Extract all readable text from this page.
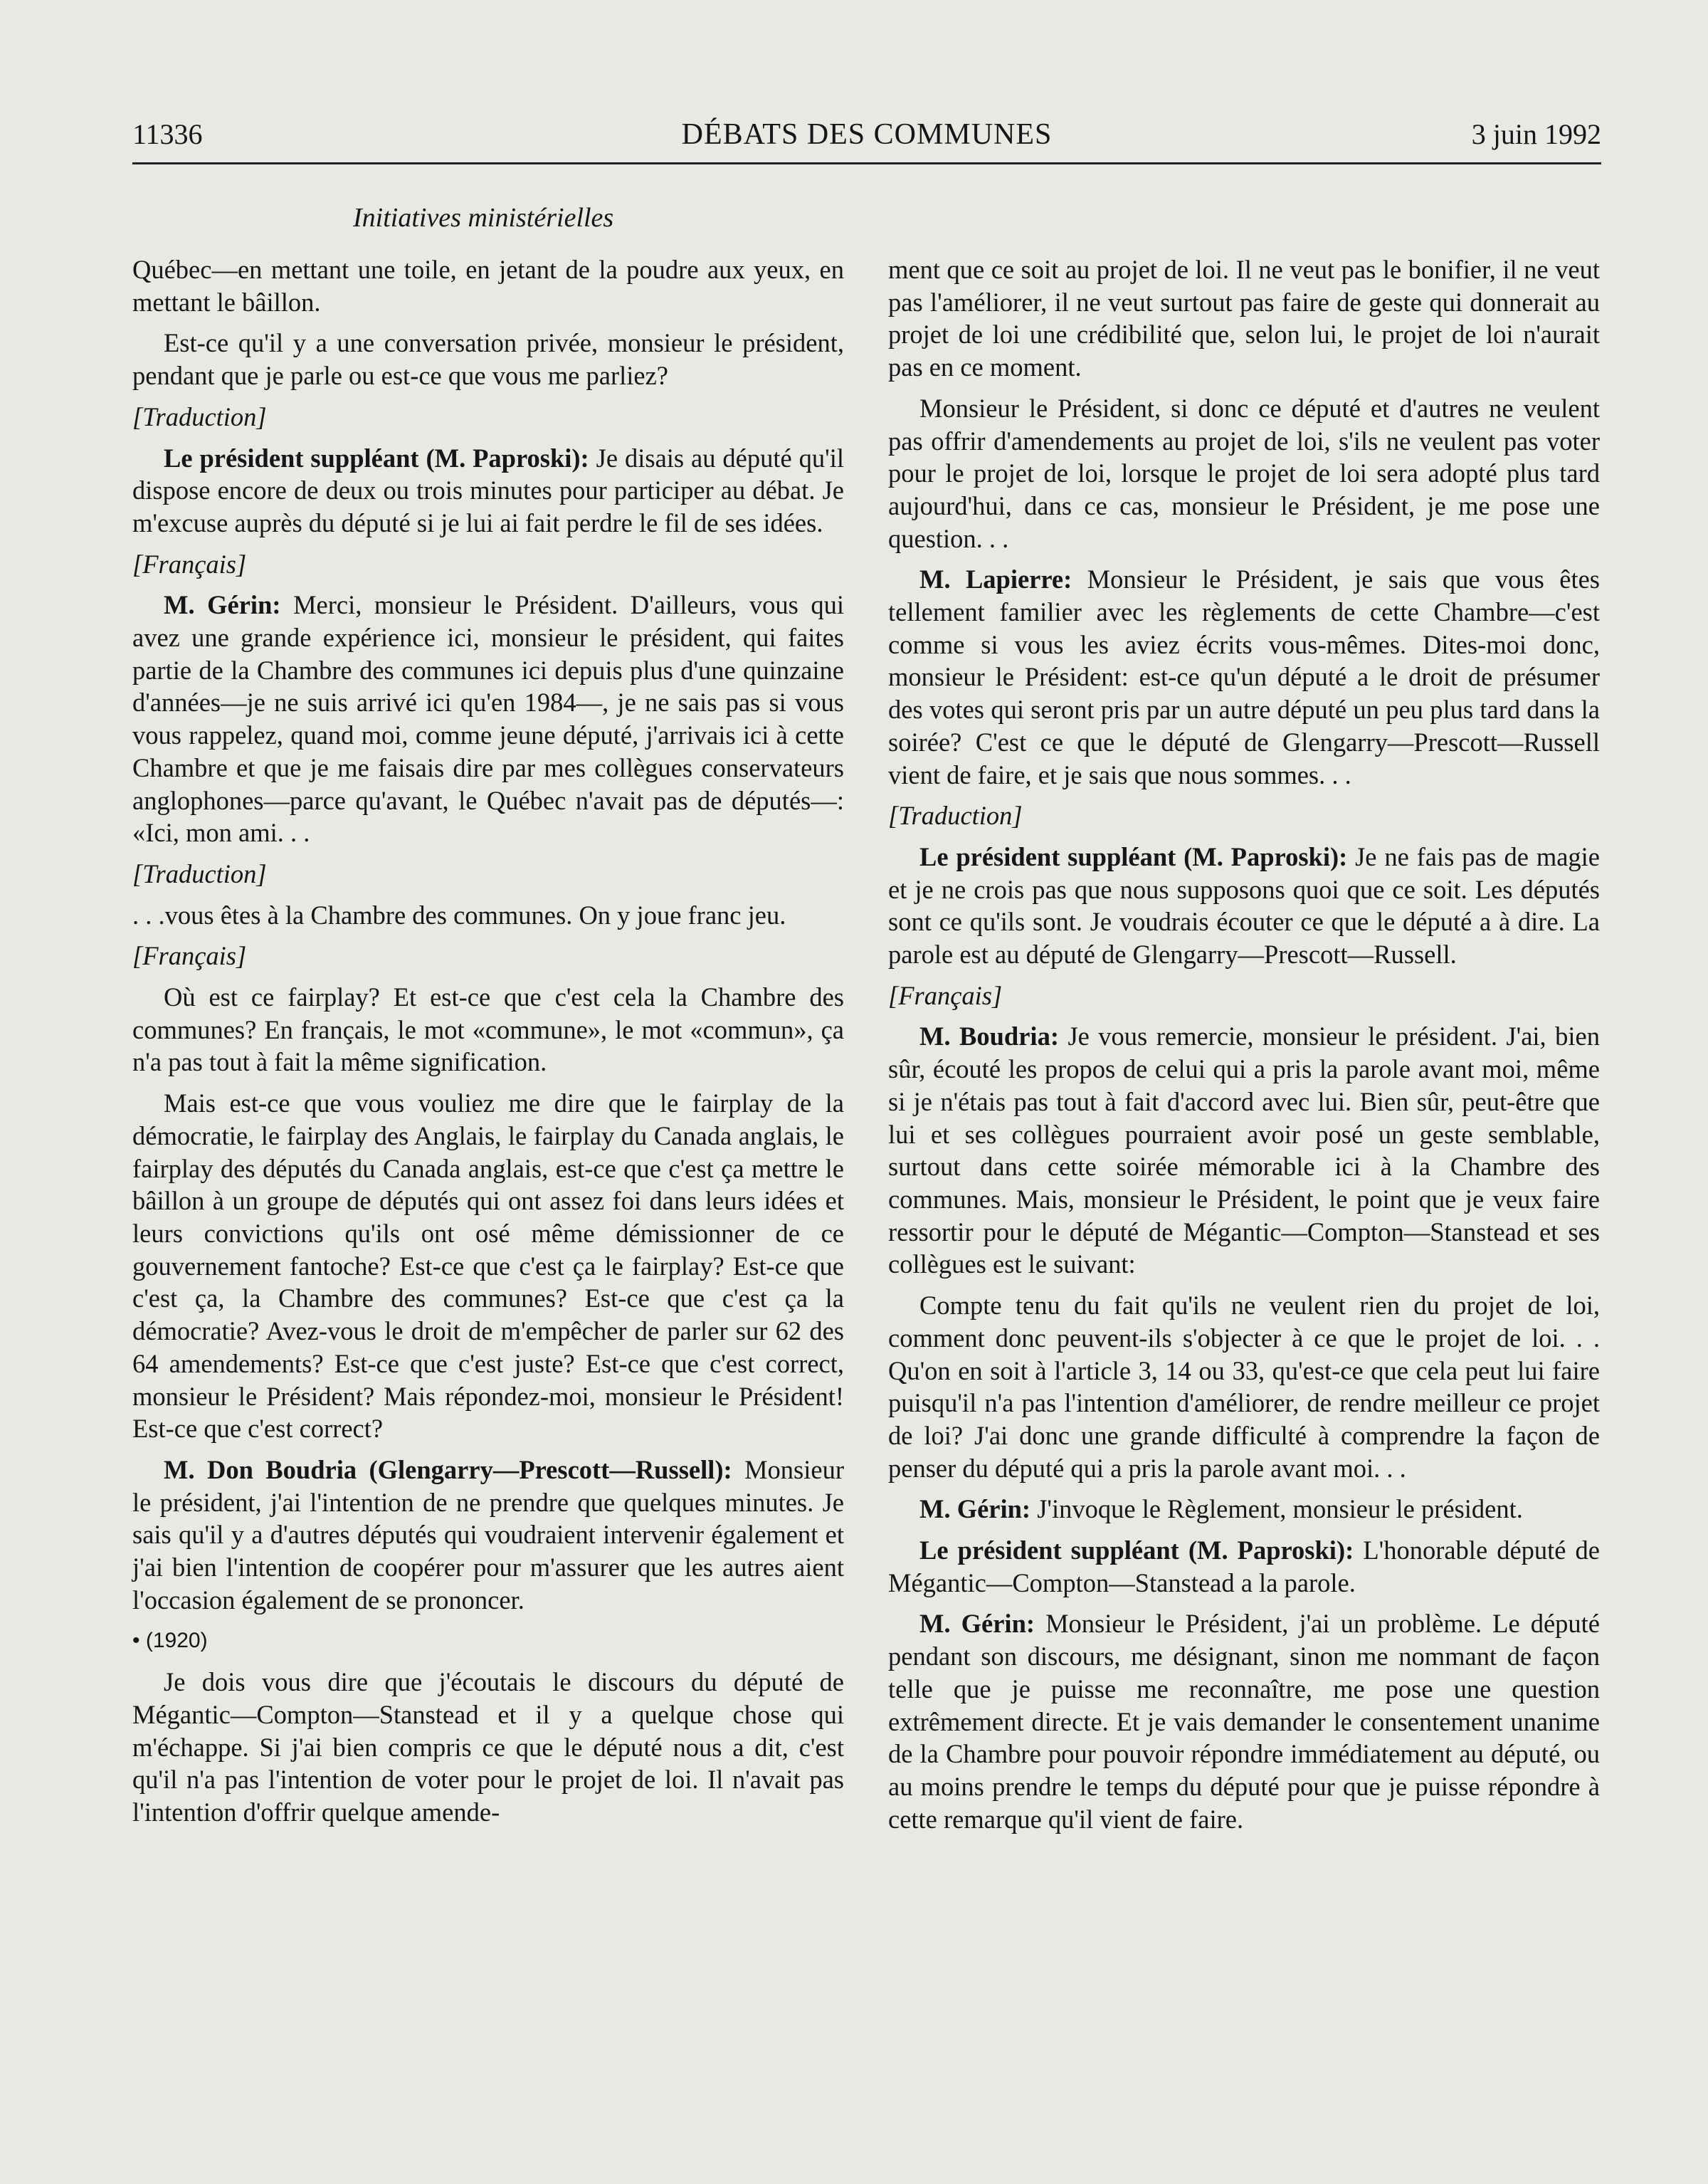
11336	DÉBATS DES COMMUNES	3 juin 1992
Initiatives ministérielles

Québec—en mettant une toile, en jetant de la poudre aux yeux, en mettant le bâillon.

Est-ce qu'il y a une conversation privée, monsieur le président, pendant que je parle ou est-ce que vous me parliez?

[Traduction]

Le président suppléant (M. Paproski): Je disais au député qu'il dispose encore de deux ou trois minutes pour participer au débat. Je m'excuse auprès du député si je lui ai fait perdre le fil de ses idées.

[Français]

M. Gérin: Merci, monsieur le Président. D'ailleurs, vous qui avez une grande expérience ici, monsieur le président, qui faites partie de la Chambre des communes ici depuis plus d'une quinzaine d'années—je ne suis arrivé ici qu'en 1984—, je ne sais pas si vous vous rappelez, quand moi, comme jeune député, j'arrivais ici à cette Chambre et que je me faisais dire par mes collègues conservateurs anglophones—parce qu'avant, le Québec n'avait pas de députés—: «Ici, mon ami. . .

[Traduction]

. . .vous êtes à la Chambre des communes. On y joue franc jeu.

[Français]

Où est ce fairplay? Et est-ce que c'est cela la Chambre des communes? En français, le mot «commune», le mot «commun», ça n'a pas tout à fait la même signification.

Mais est-ce que vous vouliez me dire que le fairplay de la démocratie, le fairplay des Anglais, le fairplay du Canada anglais, le fairplay des députés du Canada anglais, est-ce que c'est ça mettre le bâillon à un groupe de députés qui ont assez foi dans leurs idées et leurs convictions qu'ils ont osé même démissionner de ce gouvernement fantoche? Est-ce que c'est ça le fairplay? Est-ce que c'est ça, la Chambre des communes? Est-ce que c'est ça la démocratie? Avez-vous le droit de m'empêcher de parler sur 62 des 64 amendements? Est-ce que c'est juste? Est-ce que c'est correct, monsieur le Président? Mais répondez-moi, monsieur le Président! Est-ce que c'est correct?

M. Don Boudria (Glengarry—Prescott—Russell): Monsieur le président, j'ai l'intention de ne prendre que quelques minutes. Je sais qu'il y a d'autres députés qui voudraient intervenir également et j'ai bien l'intention de coopérer pour m'assurer que les autres aient l'occasion également de se prononcer.

• (1920)

Je dois vous dire que j'écoutais le discours du député de Mégantic—Compton—Stanstead et il y a quelque chose qui m'échappe. Si j'ai bien compris ce que le député nous a dit, c'est qu'il n'a pas l'intention de voter pour le projet de loi. Il n'avait pas l'intention d'offrir quelque amende-

ment que ce soit au projet de loi. Il ne veut pas le bonifier, il ne veut pas l'améliorer, il ne veut surtout pas faire de geste qui donnerait au projet de loi une crédibilité que, selon lui, le projet de loi n'aurait pas en ce moment.

Monsieur le Président, si donc ce député et d'autres ne veulent pas offrir d'amendements au projet de loi, s'ils ne veulent pas voter pour le projet de loi, lorsque le projet de loi sera adopté plus tard aujourd'hui, dans ce cas, monsieur le Président, je me pose une question. . .

M. Lapierre: Monsieur le Président, je sais que vous êtes tellement familier avec les règlements de cette Chambre—c'est comme si vous les aviez écrits vous-mêmes. Dites-moi donc, monsieur le Président: est-ce qu'un député a le droit de présumer des votes qui seront pris par un autre député un peu plus tard dans la soirée? C'est ce que le député de Glengarry—Prescott—Russell vient de faire, et je sais que nous sommes. . .

[Traduction]

Le président suppléant (M. Paproski): Je ne fais pas de magie et je ne crois pas que nous supposons quoi que ce soit. Les députés sont ce qu'ils sont. Je voudrais écouter ce que le député a à dire. La parole est au député de Glengarry—Prescott—Russell.

[Français]

M. Boudria: Je vous remercie, monsieur le président. J'ai, bien sûr, écouté les propos de celui qui a pris la parole avant moi, même si je n'étais pas tout à fait d'accord avec lui. Bien sûr, peut-être que lui et ses collègues pourraient avoir posé un geste semblable, surtout dans cette soirée mémorable ici à la Chambre des communes. Mais, monsieur le Président, le point que je veux faire ressortir pour le député de Mégantic—Compton—Stanstead et ses collègues est le suivant:

Compte tenu du fait qu'ils ne veulent rien du projet de loi, comment donc peuvent-ils s'objecter à ce que le projet de loi. . . Qu'on en soit à l'article 3, 14 ou 33, qu'est-ce que cela peut lui faire puisqu'il n'a pas l'intention d'améliorer, de rendre meilleur ce projet de loi? J'ai donc une grande difficulté à comprendre la façon de penser du député qui a pris la parole avant moi. . .

M. Gérin: J'invoque le Règlement, monsieur le président.

Le président suppléant (M. Paproski): L'honorable député de Mégantic—Compton—Stanstead a la parole.

M. Gérin: Monsieur le Président, j'ai un problème. Le député pendant son discours, me désignant, sinon me nommant de façon telle que je puisse me reconnaître, me pose une question extrêmement directe. Et je vais demander le consentement unanime de la Chambre pour pouvoir répondre immédiatement au député, ou au moins prendre le temps du député pour que je puisse répondre à cette remarque qu'il vient de faire.
